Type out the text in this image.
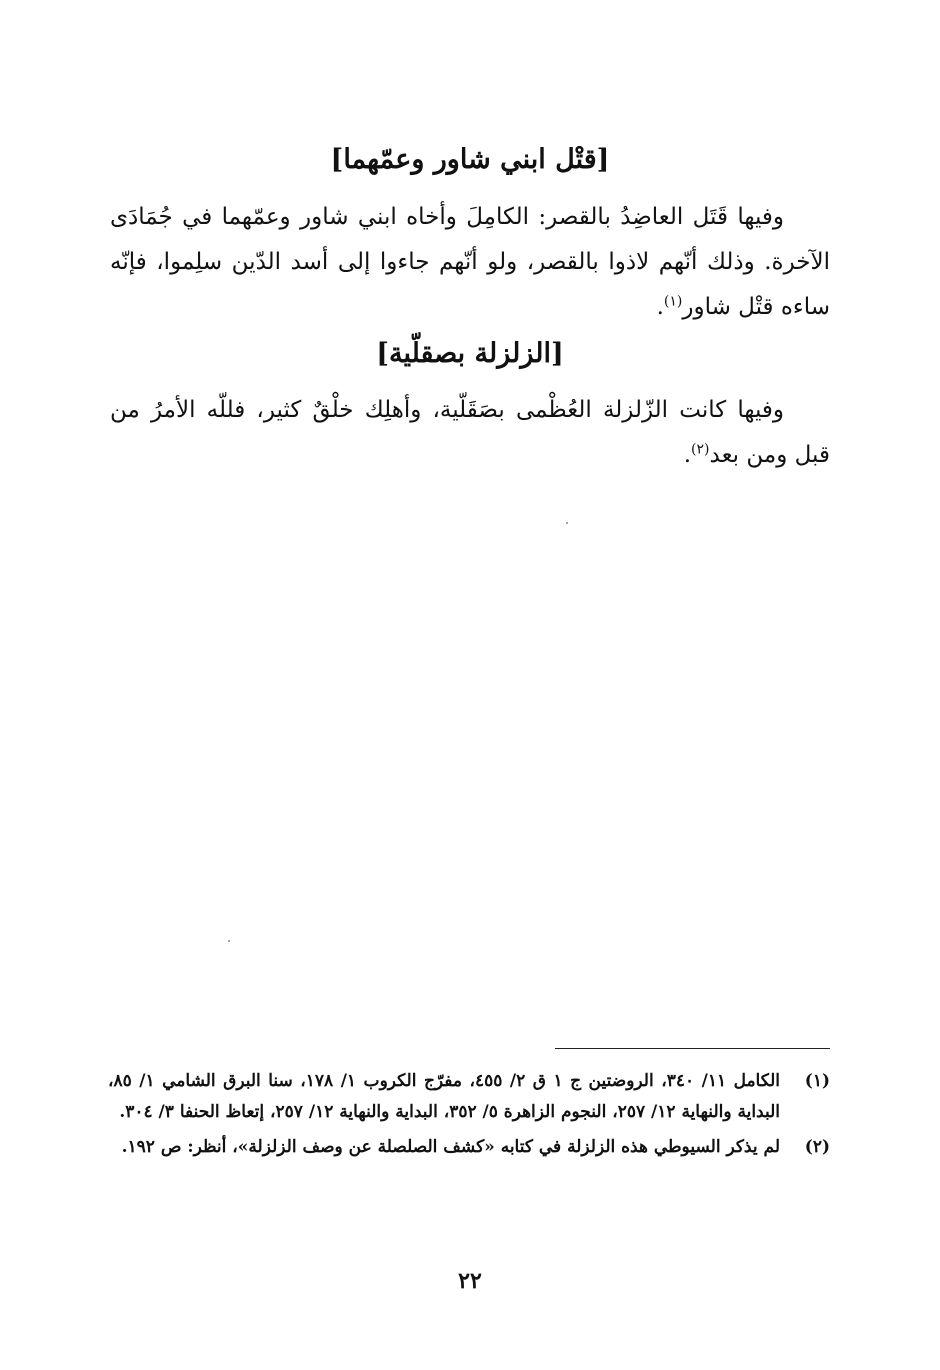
[قتْل ابني شاور وعمّهما]
وفيها قَتَل العاضِدُ بالقصر: الكامِلَ وأخاه ابني شاور وعمّهما في جُمَادَى الآخرة. وذلك أنّهم لاذوا بالقصر، ولو أنّهم جاءوا إلى أسد الدّين سلِموا، فإنّه ساءه قتْل شاور$^{(١)}$.
[الزلزلة بصقلّية]
وفيها كانت الزّلزلة العُظْمى بصَقَلّية، وأهلِك خلْقٌ كثير، فللّه الأمرُ من قبل ومن بعد$^{(٢)}$.
(١)
الكامل ١١/ ٣٤٠، الروضتين ج ١ ق ٢/ ٤٥٥، مفرّج الكروب ١/ ١٧٨، سنا البرق الشامي ١/ ٨٥، البداية والنهاية ١٢/ ٢٥٧، النجوم الزاهرة ٥/ ٣٥٢، البداية والنهاية ١٢/ ٢٥٧، إتعاظ الحنفا ٣/ ٣٠٤.
(٢)
لم يذكر السيوطي هذه الزلزلة في كتابه «كشف الصلصلة عن وصف الزلزلة»، أنظر: ص ١٩٢.
٢٢
